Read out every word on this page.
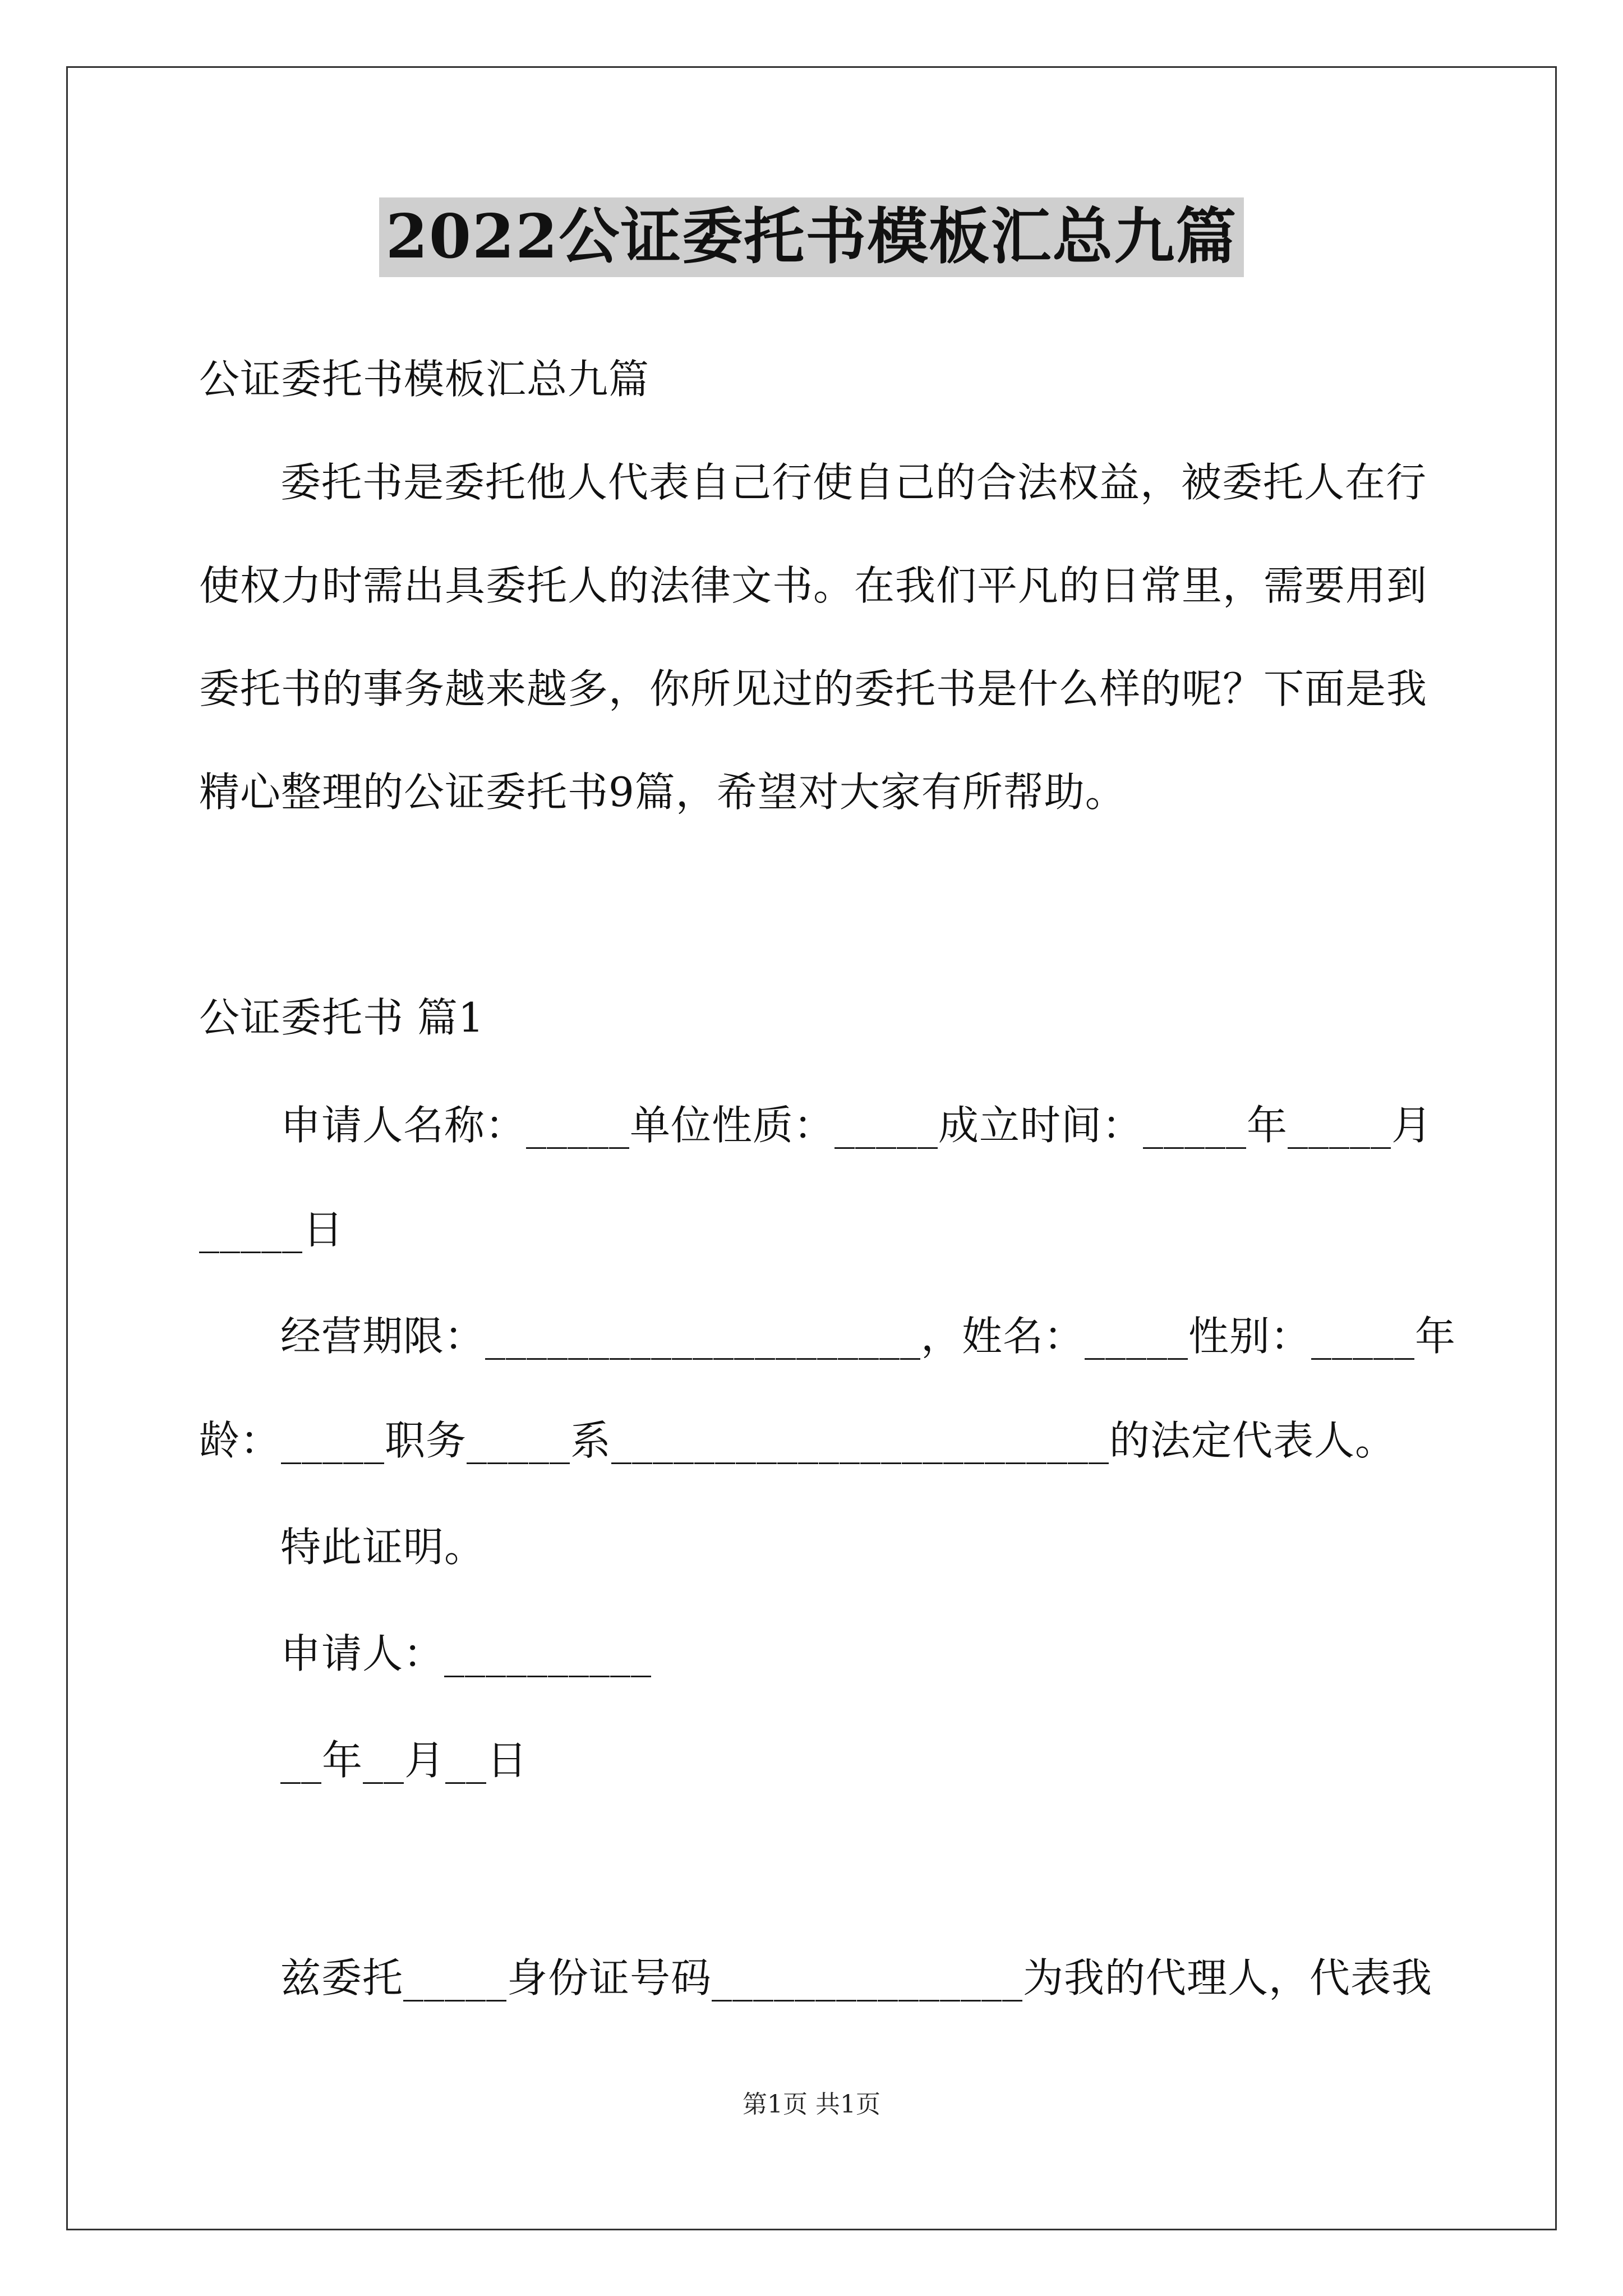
2022公证委托书模板汇总九篇
公证委托书模板汇总九篇
委托书是委托他人代表自己行使自己的合法权益，被委托人在行
使权力时需出具委托人的法律文书。在我们平凡的日常里，需要用到
委托书的事务越来越多，你所见过的委托书是什么样的呢？下面是我
精心整理的公证委托书9篇，希望对大家有所帮助。
公证委托书 篇1
申请人名称：_____单位性质：_____成立时间：_____年_____月
_____日
经营期限：_____________________，姓名：_____性别：_____年
龄：_____职务_____系________________________的法定代表人。
特此证明。
申请人：__________
__年__月__日
兹委托_____身份证号码_______________为我的代理人，代表我
第1页 共1页
